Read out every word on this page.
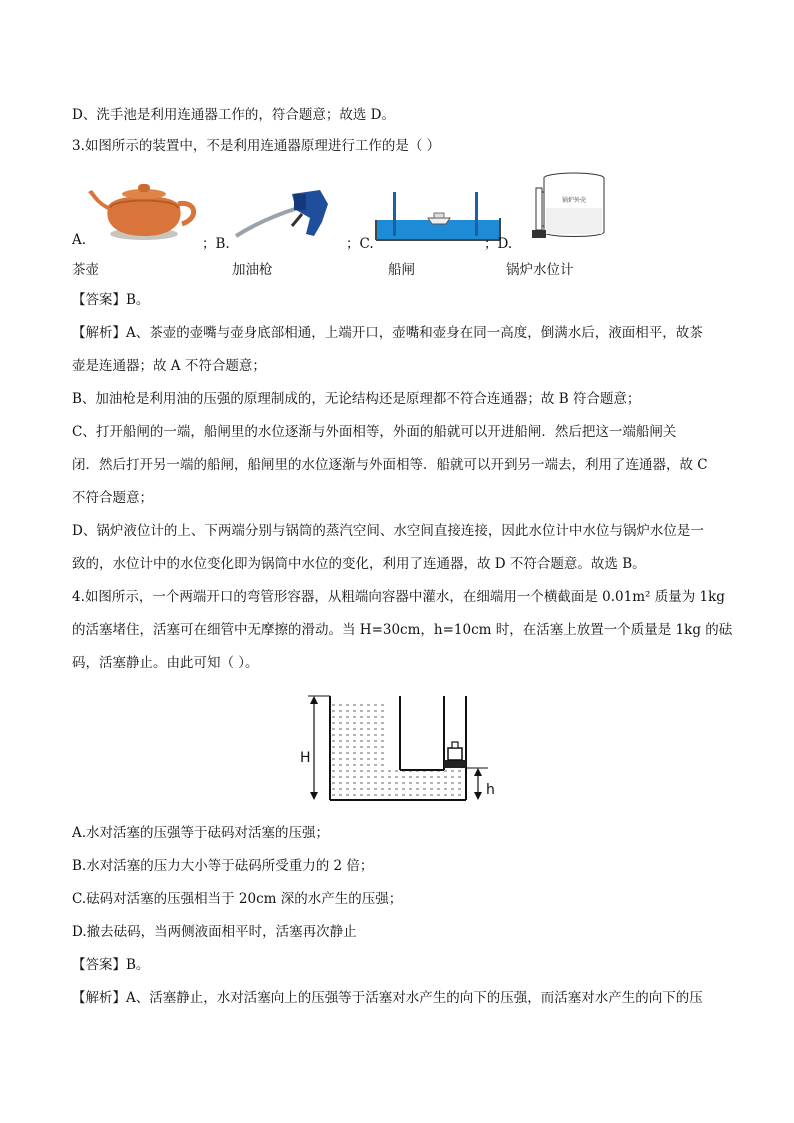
D、洗手池是利用连通器工作的，符合题意；故选 D。
3.如图所示的装置中，不是利用连通器原理进行工作的是（ ）
A.	；B.	；C.	；D.
锅炉外壳
茶壶	加油枪	船闸	锅炉水位计
【答案】B。
【解析】A、茶壶的壶嘴与壶身底部相通，上端开口，壶嘴和壶身在同一高度，倒满水后，液面相平，故茶
壶是连通器；故 A 不符合题意；
B、加油枪是利用油的压强的原理制成的，无论结构还是原理都不符合连通器；故 B 符合题意；
C、打开船闸的一端，船闸里的水位逐渐与外面相等，外面的船就可以开进船闸．然后把这一端船闸关
闭．然后打开另一端的船闸，船闸里的水位逐渐与外面相等．船就可以开到另一端去，利用了连通器，故 C
不符合题意；
D、锅炉液位计的上、下两端分别与锅筒的蒸汽空间、水空间直接连接，因此水位计中水位与锅炉水位是一
致的，水位计中的水位变化即为锅筒中水位的变化，利用了连通器，故 D 不符合题意。故选 B。
4.如图所示，一个两端开口的弯管形容器，从粗端向容器中灌水，在细端用一个横截面是 0.01m² 质量为 1kg
的活塞堵住，活塞可在细管中无摩擦的滑动。当 H=30cm，h=10cm 时，在活塞上放置一个质量是 1kg 的砝
码，活塞静止。由此可知（ ）。
H
h
A.水对活塞的压强等于砝码对活塞的压强；
B.水对活塞的压力大小等于砝码所受重力的 2 倍；
C.砝码对活塞的压强相当于 20cm 深的水产生的压强；
D.撤去砝码，当两侧液面相平时，活塞再次静止
【答案】B。
【解析】A、活塞静止，水对活塞向上的压强等于活塞对水产生的向下的压强，而活塞对水产生的向下的压
